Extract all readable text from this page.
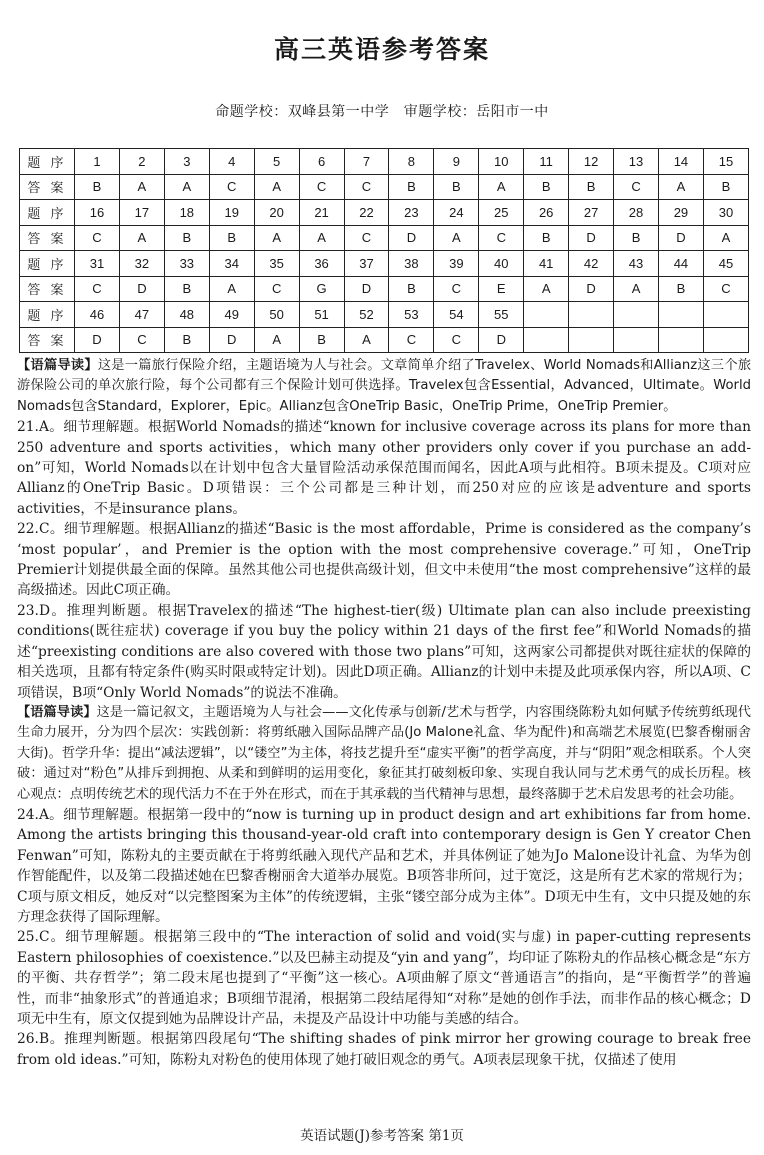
高三英语参考答案
命题学校：双峰县第一中学　审题学校：岳阳市一中
题 序	1	2	3	4	5	6	7	8	9	10	11	12	13	14	15
答 案	B	A	A	C	A	C	C	B	B	A	B	B	C	A	B
题 序	16	17	18	19	20	21	22	23	24	25	26	27	28	29	30
答 案	C	A	B	B	A	A	C	D	A	C	B	D	B	D	A
题 序	31	32	33	34	35	36	37	38	39	40	41	42	43	44	45
答 案	C	D	B	A	C	G	D	B	C	E	A	D	A	B	C
题 序	46	47	48	49	50	51	52	53	54	55					
答 案	D	C	B	D	A	B	A	C	C	D					

【语篇导读】这是一篇旅行保险介绍，主题语境为人与社会。文章简单介绍了Travelex、World Nomads和Allianz这三个旅游保险公司的单次旅行险，每个公司都有三个保险计划可供选择。Travelex包含Essential，Advanced，Ultimate。World Nomads包含Standard，Explorer，Epic。Allianz包含OneTrip Basic，OneTrip Prime，OneTrip Premier。

21.A。细节理解题。根据World Nomads的描述“known for inclusive coverage across its plans for more than 250 adventure and sports activities，which many other providers only cover if you purchase an add-on”可知，World Nomads以在计划中包含大量冒险活动承保范围而闻名，因此A项与此相符。B项未提及。C项对应Allianz的OneTrip Basic。D项错误：三个公司都是三种计划，而250对应的应该是adventure and sports activities，不是insurance plans。

22.C。细节理解题。根据Allianz的描述“Basic is the most affordable，Prime is considered as the company’s ‘most popular’，and Premier is the option with the most comprehensive coverage.”可知，OneTrip Premier计划提供最全面的保障。虽然其他公司也提供高级计划，但文中未使用“the most comprehensive”这样的最高级描述。因此C项正确。

23.D。推理判断题。根据Travelex的描述“The highest-tier(级) Ultimate plan can also include preexisting conditions(既往症状) coverage if you buy the policy within 21 days of the first fee”和World Nomads的描述“preexisting conditions are also covered with those two plans”可知，这两家公司都提供对既往症状的保障的相关选项，且都有特定条件(购买时限或特定计划)。因此D项正确。Allianz的计划中未提及此项承保内容，所以A项、C项错误，B项“Only World Nomads”的说法不准确。

【语篇导读】这是一篇记叙文，主题语境为人与社会——文化传承与创新/艺术与哲学，内容围绕陈粉丸如何赋予传统剪纸现代生命力展开，分为四个层次：实践创新：将剪纸融入国际品牌产品(Jo Malone礼盒、华为配件)和高端艺术展览(巴黎香榭丽舍大街)。哲学升华：提出“减法逻辑”，以“镂空”为主体，将技艺提升至“虚实平衡”的哲学高度，并与“阴阳”观念相联系。个人突破：通过对“粉色”从排斥到拥抱、从柔和到鲜明的运用变化，象征其打破刻板印象、实现自我认同与艺术勇气的成长历程。核心观点：点明传统艺术的现代活力不在于外在形式，而在于其承载的当代精神与思想，最终落脚于艺术启发思考的社会功能。

24.A。细节理解题。根据第一段中的“now is turning up in product design and art exhibitions far from home. Among the artists bringing this thousand-year-old craft into contemporary design is Gen Y creator Chen Fenwan”可知，陈粉丸的主要贡献在于将剪纸融入现代产品和艺术，并具体例证了她为Jo Malone设计礼盒、为华为创作智能配件，以及第二段描述她在巴黎香榭丽舍大道举办展览。B项答非所问，过于宽泛，这是所有艺术家的常规行为；C项与原文相反，她反对“以完整图案为主体”的传统逻辑，主张“镂空部分成为主体”。D项无中生有，文中只提及她的东方理念获得了国际理解。

25.C。细节理解题。根据第三段中的“The interaction of solid and void(实与虚) in paper-cutting represents Eastern philosophies of coexistence.”以及巴赫主动提及“yin and yang”，均印证了陈粉丸的作品核心概念是“东方的平衡、共存哲学”；第二段末尾也提到了“平衡”这一核心。A项曲解了原文“普通语言”的指向，是“平衡哲学”的普遍性，而非“抽象形式”的普通追求；B项细节混淆，根据第二段结尾得知“对称”是她的创作手法，而非作品的核心概念；D项无中生有，原文仅提到她为品牌设计产品，未提及产品设计中功能与美感的结合。

26.B。推理判断题。根据第四段尾句“The shifting shades of pink mirror her growing courage to break free from old ideas.”可知，陈粉丸对粉色的使用体现了她打破旧观念的勇气。A项表层现象干扰，仅描述了使用

英语试题(J)参考答案 第1页
